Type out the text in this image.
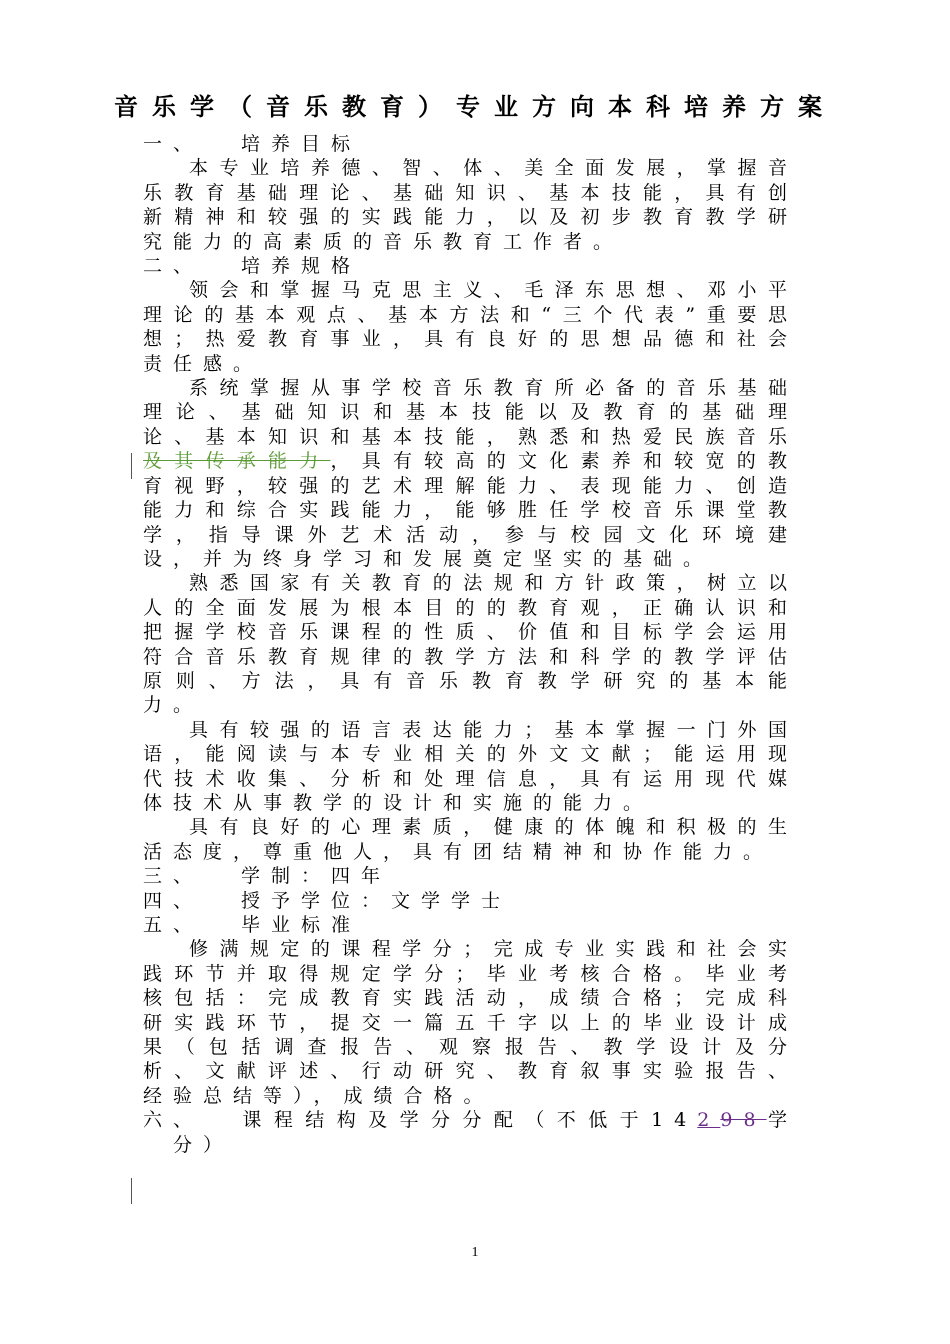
音乐学（音乐教育）专业方向本科培养方案
一、	培养目标

本专业培养德、智、体、美全面发展，掌握音乐教育基础理论、基础知识、基本技能，具有创新精神和较强的实践能力，以及初步教育教学研究能力的高素质的音乐教育工作者。

二、	培养规格

领会和掌握马克思主义、毛泽东思想、邓小平理论的基本观点、基本方法和“三个代表”重要思想；热爱教育事业，具有良好的思想品德和社会责任感。

系统掌握从事学校音乐教育所必备的音乐基础理论、基础知识和基本技能以及教育的基础理论、基本知识和基本技能，熟悉和热爱民族音乐及其传承能力，具有较高的文化素养和较宽的教育视野，较强的艺术理解能力、表现能力、创造能力和综合实践能力，能够胜任学校音乐课堂教学，指导课外艺术活动，参与校园文化环境建设，并为终身学习和发展奠定坚实的基础。

熟悉国家有关教育的法规和方针政策，树立以人的全面发展为根本目的的教育观，正确认识和把握学校音乐课程的性质、价值和目标学会运用符合音乐教育规律的教学方法和科学的教学评估原则、方法，具有音乐教育教学研究的基本能力。

具有较强的语言表达能力；基本掌握一门外国语，能阅读与本专业相关的外文文献；能运用现代技术收集、分析和处理信息，具有运用现代媒体技术从事教学的设计和实施的能力。

具有良好的心理素质，健康的体魄和积极的生活态度，尊重他人，具有团结精神和协作能力。

三、	学制：四年
四、	授予学位：文学学士
五、	毕业标准

修满规定的课程学分；完成专业实践和社会实践环节并取得规定学分；毕业考核合格。毕业考核包括：完成教育实践活动，成绩合格；完成科研实践环节，提交一篇五千字以上的毕业设计成果（包括调查报告、观察报告、教学设计及分析、文献评述、行动研究、教育叙事实验报告、经验总结等），成绩合格。

六、 课程结构及学分分配（不低于14298学分）

1
